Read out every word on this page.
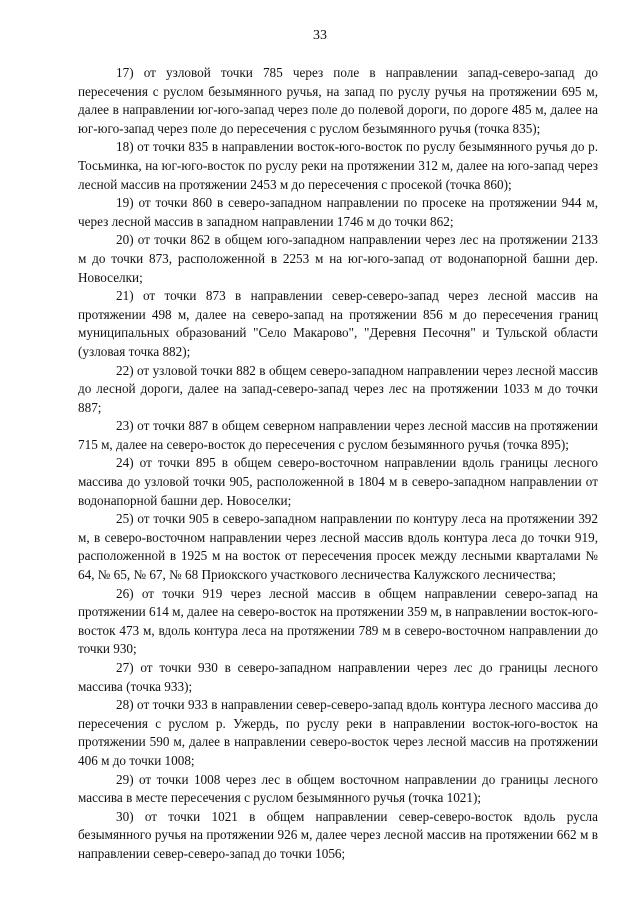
33

17) от узловой точки 785 через поле в направлении запад-северо-запад до пересечения с руслом безымянного ручья, на запад по руслу ручья на протяжении 695 м, далее в направлении юг-юго-запад через поле до полевой дороги, по дороге 485 м, далее на юг-юго-запад через поле до пересечения с руслом безымянного ручья (точка 835);

18) от точки 835 в направлении восток-юго-восток по руслу безымянного ручья до р. Тосьминка, на юг-юго-восток по руслу реки на протяжении 312 м, далее на юго-запад через лесной массив на протяжении 2453 м до пересечения с просекой (точка 860);

19) от точки 860 в северо-западном направлении по просеке на протяжении 944 м, через лесной массив в западном направлении 1746 м до точки 862;

20) от точки 862 в общем юго-западном направлении через лес на протяжении 2133 м до точки 873, расположенной в 2253 м на юг-юго-запад от водонапорной башни дер. Новоселки;

21) от точки 873 в направлении север-северо-запад через лесной массив на протяжении 498 м, далее на северо-запад на протяжении 856 м до пересечения границ муниципальных образований "Село Макарово", "Деревня Песочня" и Тульской области (узловая точка 882);

22) от узловой точки 882 в общем северо-западном направлении через лесной массив до лесной дороги, далее на запад-северо-запад через лес на протяжении 1033 м до точки 887;

23) от точки 887 в общем северном направлении через лесной массив на протяжении 715 м, далее на северо-восток до пересечения с руслом безымянного ручья (точка 895);

24) от точки 895 в общем северо-восточном направлении вдоль границы лесного массива до узловой точки 905, расположенной в 1804 м в северо-западном направлении от водонапорной башни дер. Новоселки;

25) от точки 905 в северо-западном направлении по контуру леса на протяжении 392 м, в северо-восточном направлении через лесной массив вдоль контура леса до точки 919, расположенной в 1925 м на восток от пересечения просек между лесными кварталами № 64, № 65, № 67, № 68 Приокского участкового лесничества Калужского лесничества;

26) от точки 919 через лесной массив в общем направлении северо-запад на протяжении 614 м, далее на северо-восток на протяжении 359 м, в направлении восток-юго-восток 473 м, вдоль контура леса на протяжении 789 м в северо-восточном направлении до точки 930;

27) от точки 930 в северо-западном направлении через лес до границы лесного массива (точка 933);

28) от точки 933 в направлении север-северо-запад вдоль контура лесного массива до пересечения с руслом р. Ужердь, по руслу реки в направлении восток-юго-восток на протяжении 590 м, далее в направлении северо-восток через лесной массив на протяжении 406 м до точки 1008;

29) от точки 1008 через лес в общем восточном направлении до границы лесного массива в месте пересечения с руслом безымянного ручья (точка 1021);

30) от точки 1021 в общем направлении север-северо-восток вдоль русла безымянного ручья на протяжении 926 м, далее через лесной массив на протяжении 662 м в направлении север-северо-запад до точки 1056;
